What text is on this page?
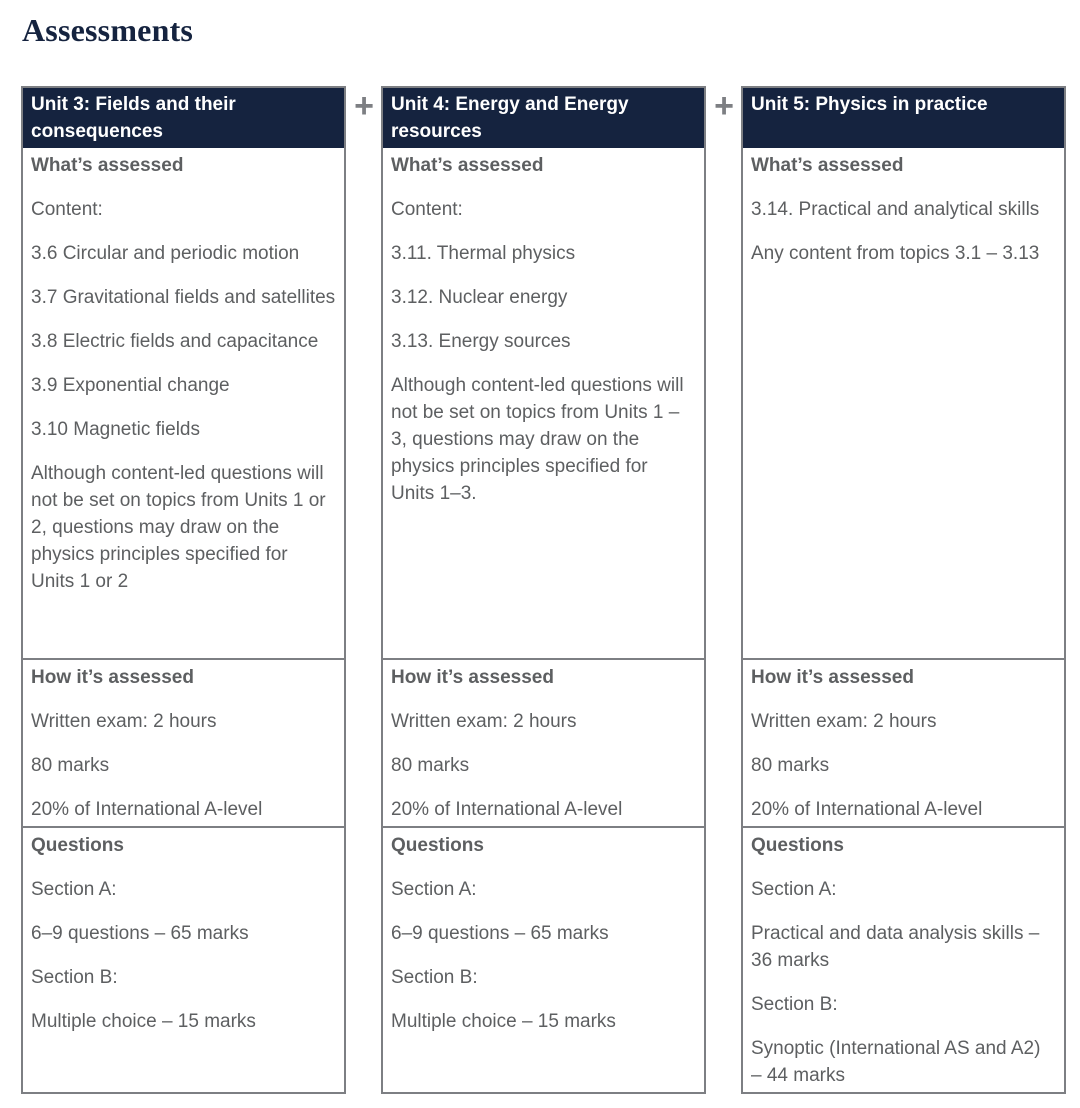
Assessments
+	+
Unit 3: Fields and their consequences
What’s assessed
Content:
3.6 Circular and periodic motion
3.7 Gravitational fields and satellites
3.8 Electric fields and capacitance
3.9 Exponential change
3.10 Magnetic fields
Although content-led questions will not be set on topics from Units 1 or 2, questions may draw on the physics principles specified for Units 1 or 2
How it’s assessed
Written exam: 2 hours
80 marks
20% of International A-level
Questions
Section A:
6–9 questions – 65 marks
Section B:
Multiple choice – 15 marks
Unit 4: Energy and Energy resources
What’s assessed
Content:
3.11. Thermal physics
3.12. Nuclear energy
3.13. Energy sources
Although content-led questions will not be set on topics from Units 1 – 3, questions may draw on the physics principles specified for Units 1–3.
How it’s assessed
Written exam: 2 hours
80 marks
20% of International A-level
Questions
Section A:
6–9 questions – 65 marks
Section B:
Multiple choice – 15 marks
Unit 5: Physics in practice
What’s assessed
3.14. Practical and analytical skills
Any content from topics 3.1 – 3.13
How it’s assessed
Written exam: 2 hours
80 marks
20% of International A-level
Questions
Section A:
Practical and data analysis skills – 36 marks
Section B:
Synoptic (International AS and A2) – 44 marks
